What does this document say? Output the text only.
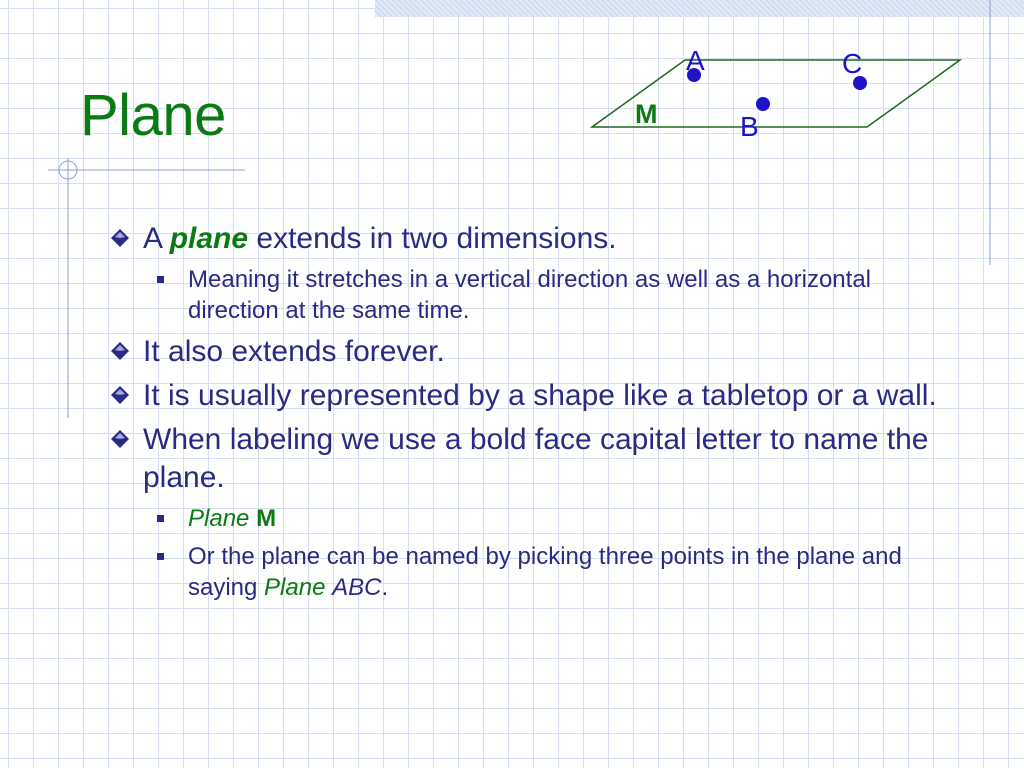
Plane	M
A
B
C
A plane extends in two dimensions.
Meaning it stretches in a vertical direction as well as a horizontal direction at the same time.
It also extends forever.
It is usually represented by a shape like a tabletop or a wall.
When labeling we use a bold face capital letter to name the plane.
Plane M
Or the plane can be named by picking three points in the plane and saying Plane ABC.
